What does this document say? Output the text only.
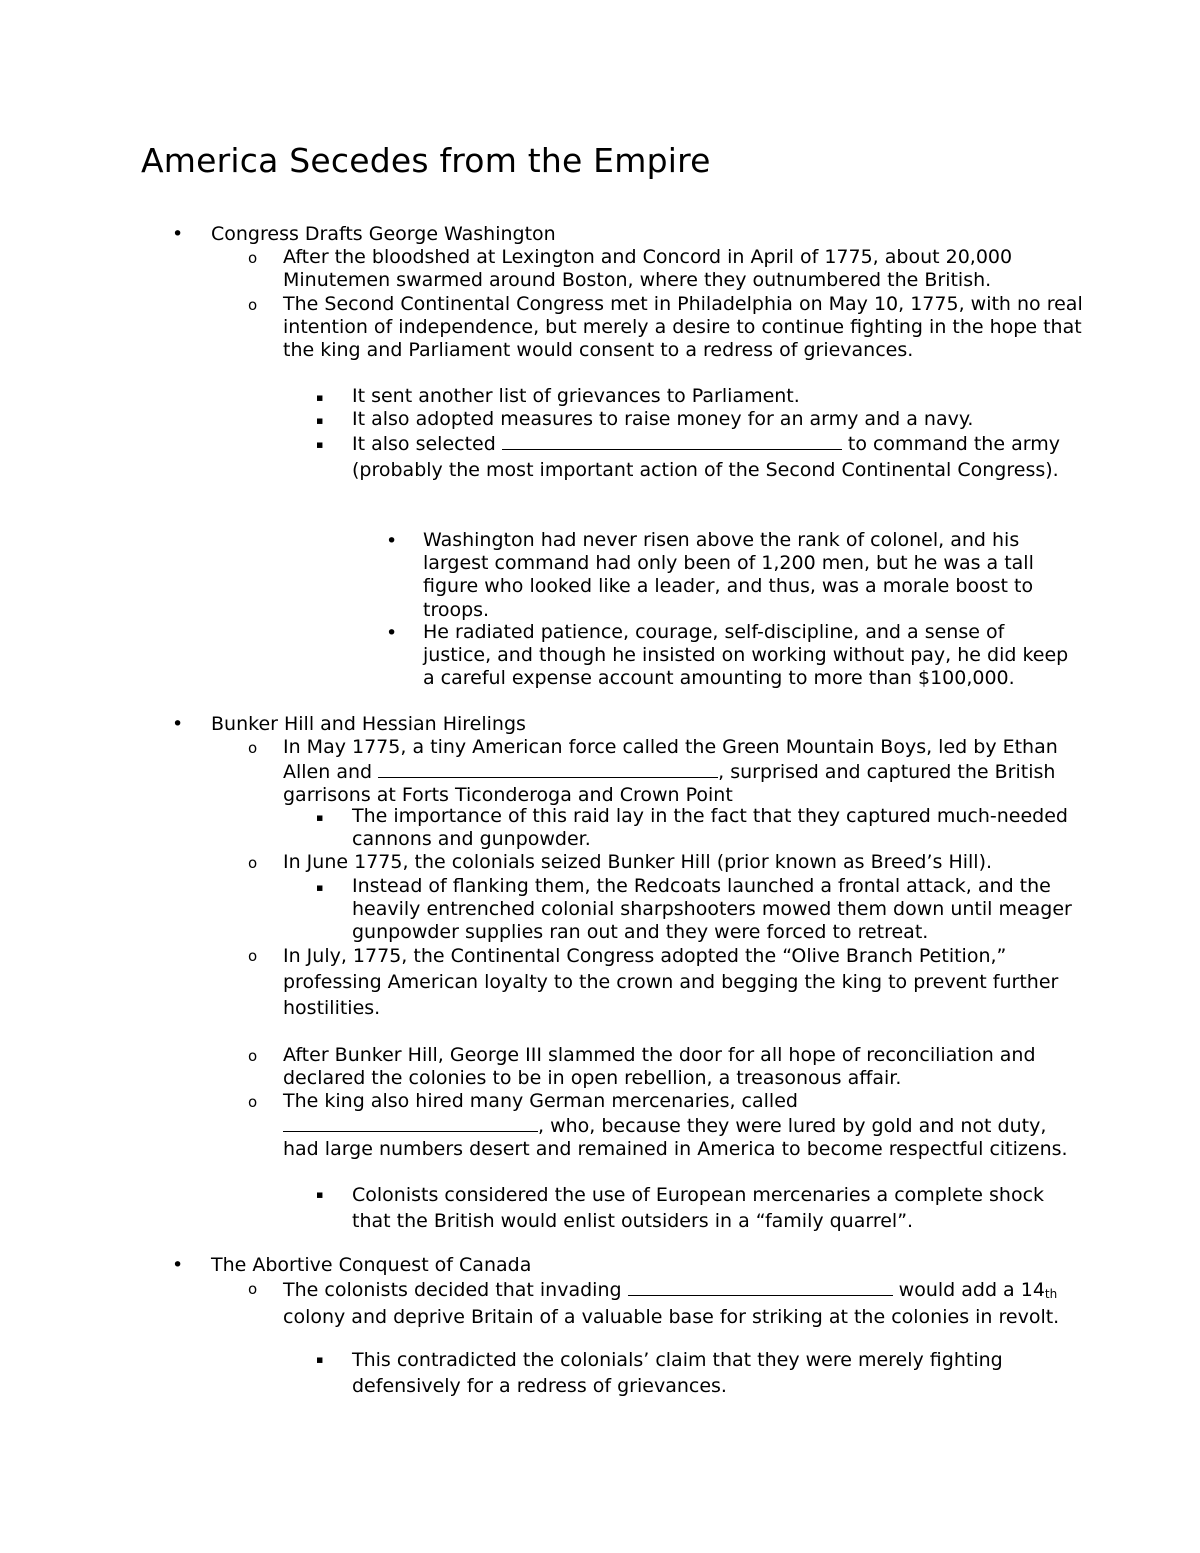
America Secedes from the Empire
• Congress Drafts George Washington
o After the bloodshed at Lexington and Concord in April of 1775, about 20,000 Minutemen swarmed around Boston, where they outnumbered the British.
o The Second Continental Congress met in Philadelphia on May 10, 1775, with no real intention of independence, but merely a desire to continue fighting in the hope that the king and Parliament would consent to a redress of grievances.
▪ It sent another list of grievances to Parliament.
▪ It also adopted measures to raise money for an army and a navy.
▪ It also selected	to command the army (probably the most important action of the Second Continental Congress).
• Washington had never risen above the rank of colonel, and his largest command had only been of 1,200 men, but he was a tall figure who looked like a leader, and thus, was a morale boost to troops.
• He radiated patience, courage, self-discipline, and a sense of justice, and though he insisted on working without pay, he did keep a careful expense account amounting to more than $100,000.
• Bunker Hill and Hessian Hirelings
o In May 1775, a tiny American force called the Green Mountain Boys, led by Ethan Allen and	, surprised and captured the British garrisons at Forts Ticonderoga and Crown Point
▪ The importance of this raid lay in the fact that they captured much-needed cannons and gunpowder.
o In June 1775, the colonials seized Bunker Hill (prior known as Breed’s Hill).
▪ Instead of flanking them, the Redcoats launched a frontal attack, and the heavily entrenched colonial sharpshooters mowed them down until meager gunpowder supplies ran out and they were forced to retreat.
o In July, 1775, the Continental Congress adopted the “Olive Branch Petition,” professing American loyalty to the crown and begging the king to prevent further hostilities.
o After Bunker Hill, George III slammed the door for all hope of reconciliation and declared the colonies to be in open rebellion, a treasonous affair.
o The king also hired many German mercenaries, called
, who, because they were lured by gold and not duty, had large numbers desert and remained in America to become respectful citizens.
▪ Colonists considered the use of European mercenaries a complete shock that the British would enlist outsiders in a “family quarrel”.
• The Abortive Conquest of Canada
o The colonists decided that invading	would add a 14th colony and deprive Britain of a valuable base for striking at the colonies in revolt.
▪ This contradicted the colonials’ claim that they were merely fighting defensively for a redress of grievances.
